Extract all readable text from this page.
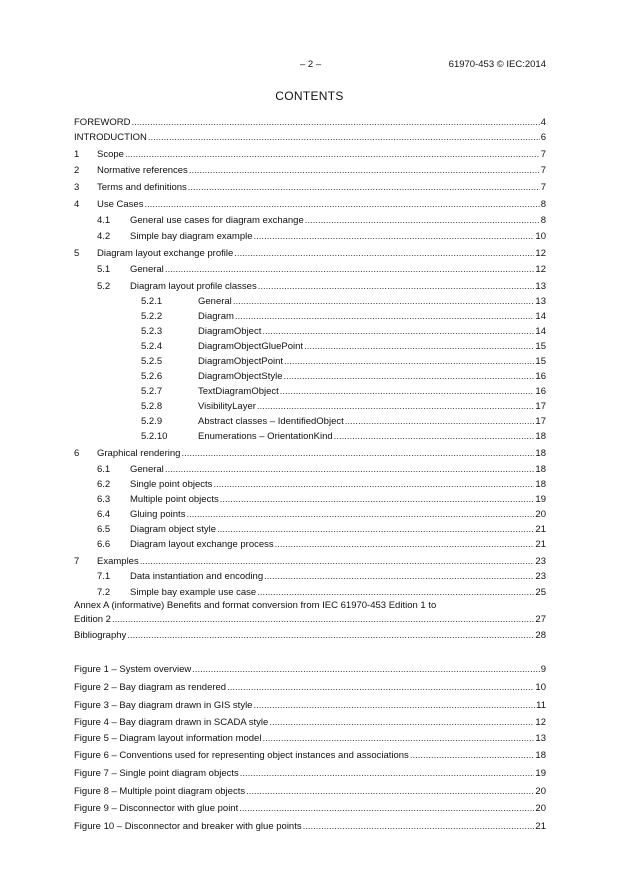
– 2 –	61970-453 © IEC:2014
CONTENTS
FOREWORD .....	4
INTRODUCTION .....	6
1 Scope .....	7
2 Normative references .....	7
3 Terms and definitions .....	7
4 Use Cases .....	8
4.1 General use cases for diagram exchange .....	8
4.2 Simple bay diagram example .....	10
5 Diagram layout exchange profile .....	12
5.1 General .....	12
5.2 Diagram layout profile classes .....	13
5.2.1	General .....	13
5.2.2	Diagram .....	14
5.2.3	DiagramObject .....	14
5.2.4	DiagramObjectGluePoint .....	15
5.2.5	DiagramObjectPoint .....	15
5.2.6	DiagramObjectStyle .....	16
5.2.7	TextDiagramObject .....	16
5.2.8	VisibilityLayer .....	17
5.2.9	Abstract classes – IdentifiedObject .....	17
5.2.10	Enumerations – OrientationKind .....	18
6 Graphical rendering .....	18
6.1 General .....	18
6.2 Single point objects .....	18
6.3 Multiple point objects .....	19
6.4 Gluing points .....	20
6.5 Diagram object style .....	21
6.6 Diagram layout exchange process .....	21
7 Examples .....	23
7.1 Data instantiation and encoding .....	23
7.2 Simple bay example use case .....	25
Annex A (informative) Benefits and format conversion from IEC 61970-453 Edition 1 to
Edition 2 .....	27
Bibliography .....	28
Figure 1 – System overview .....	9
Figure 2 – Bay diagram as rendered .....	10
Figure 3 – Bay diagram drawn in GIS style .....	11
Figure 4 – Bay diagram drawn in SCADA style .....	12
Figure 5 – Diagram layout information model .....	13
Figure 6 – Conventions used for representing object instances and associations .....	18
Figure 7 – Single point diagram objects .....	19
Figure 8 – Multiple point diagram objects .....	20
Figure 9 – Disconnector with glue point .....	20
Figure 10 – Disconnector and breaker with glue points .....	21
